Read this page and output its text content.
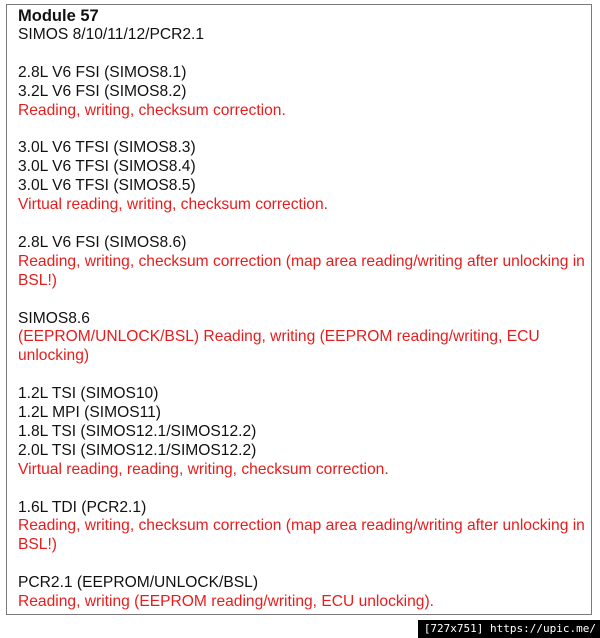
Module 57
SIMOS 8/10/11/12/PCR2.1
2.8L V6 FSI (SIMOS8.1)
3.2L V6 FSI (SIMOS8.2)
Reading, writing, checksum correction.
3.0L V6 TFSI (SIMOS8.3)
3.0L V6 TFSI (SIMOS8.4)
3.0L V6 TFSI (SIMOS8.5)
Virtual reading, writing, checksum correction.
2.8L V6 FSI (SIMOS8.6)
Reading, writing, checksum correction (map area reading/writing after unlocking in BSL!)
SIMOS8.6
(EEPROM/UNLOCK/BSL) Reading, writing (EEPROM reading/writing, ECU unlocking)
1.2L TSI (SIMOS10)
1.2L MPI (SIMOS11)
1.8L TSI (SIMOS12.1/SIMOS12.2)
2.0L TSI (SIMOS12.1/SIMOS12.2)
Virtual reading, reading, writing, checksum correction.
1.6L TDI (PCR2.1)
Reading, writing, checksum correction (map area reading/writing after unlocking in BSL!)
PCR2.1 (EEPROM/UNLOCK/BSL)
Reading, writing (EEPROM reading/writing, ECU unlocking).
[727x751] https://upic.me/
